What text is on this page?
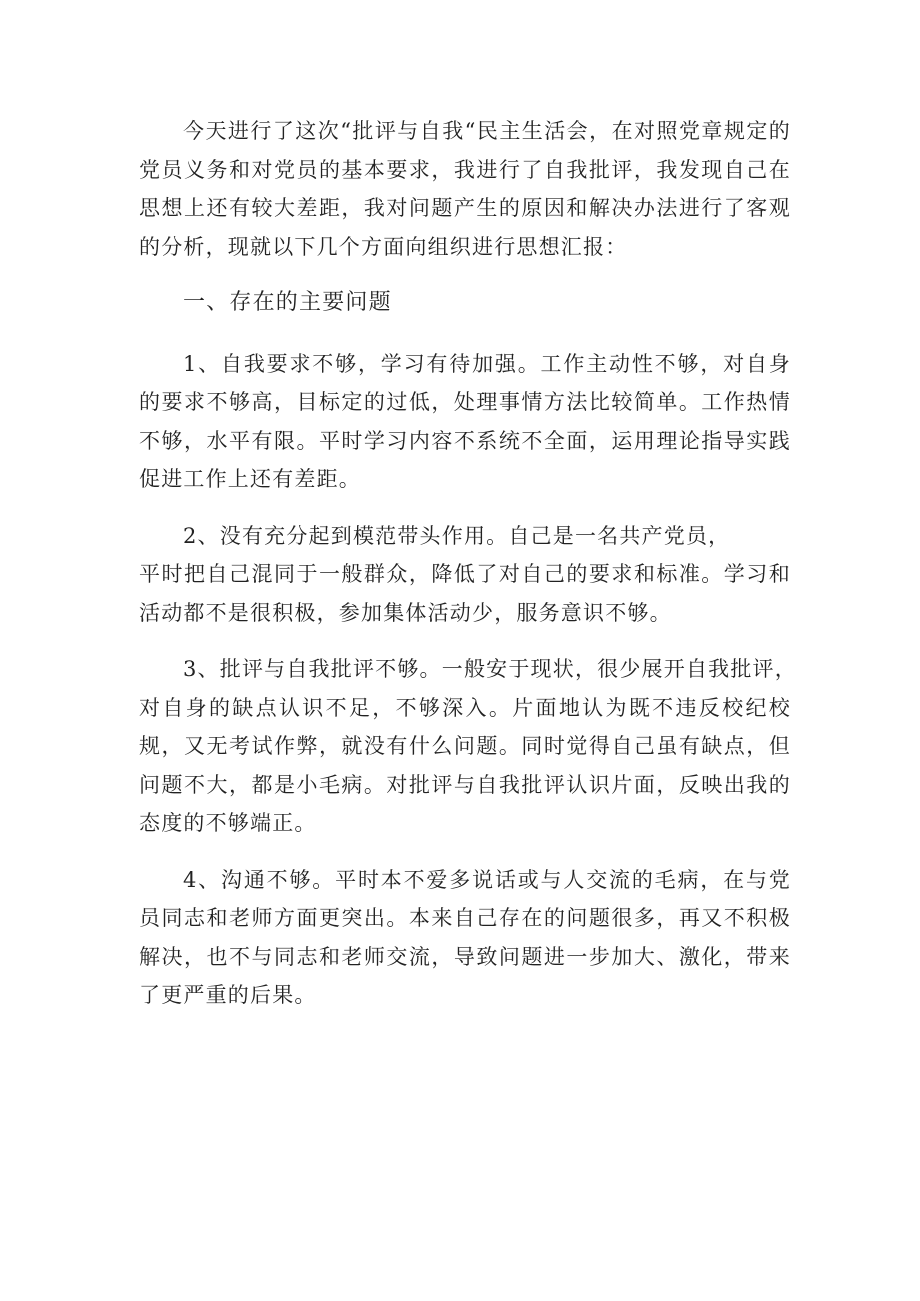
今天进行了这次“批评与自我“民主生活会，在对照党章规定的党员义务和对党员的基本要求，我进行了自我批评，我发现自己在思想上还有较大差距，我对问题产生的原因和解决办法进行了客观的分析，现就以下几个方面向组织进行思想汇报：

一、存在的主要问题

1、自我要求不够，学习有待加强。工作主动性不够，对自身的要求不够高，目标定的过低，处理事情方法比较简单。工作热情不够，水平有限。平时学习内容不系统不全面，运用理论指导实践促进工作上还有差距。

2、没有充分起到模范带头作用。自己是一名共产党员，
平时把自己混同于一般群众，降低了对自己的要求和标准。学习和活动都不是很积极，参加集体活动少，服务意识不够。

3、批评与自我批评不够。一般安于现状，很少展开自我批评，
对自身的缺点认识不足，不够深入。片面地认为既不违反校纪校规，又无考试作弊，就没有什么问题。同时觉得自己虽有缺点，但问题不大，都是小毛病。对批评与自我批评认识片面，反映出我的态度的不够端正。

4、沟通不够。平时本不爱多说话或与人交流的毛病，在与党员同志和老师方面更突出。本来自己存在的问题很多，再又不积极解决，也不与同志和老师交流，导致问题进一步加大、激化，带来了更严重的后果。
